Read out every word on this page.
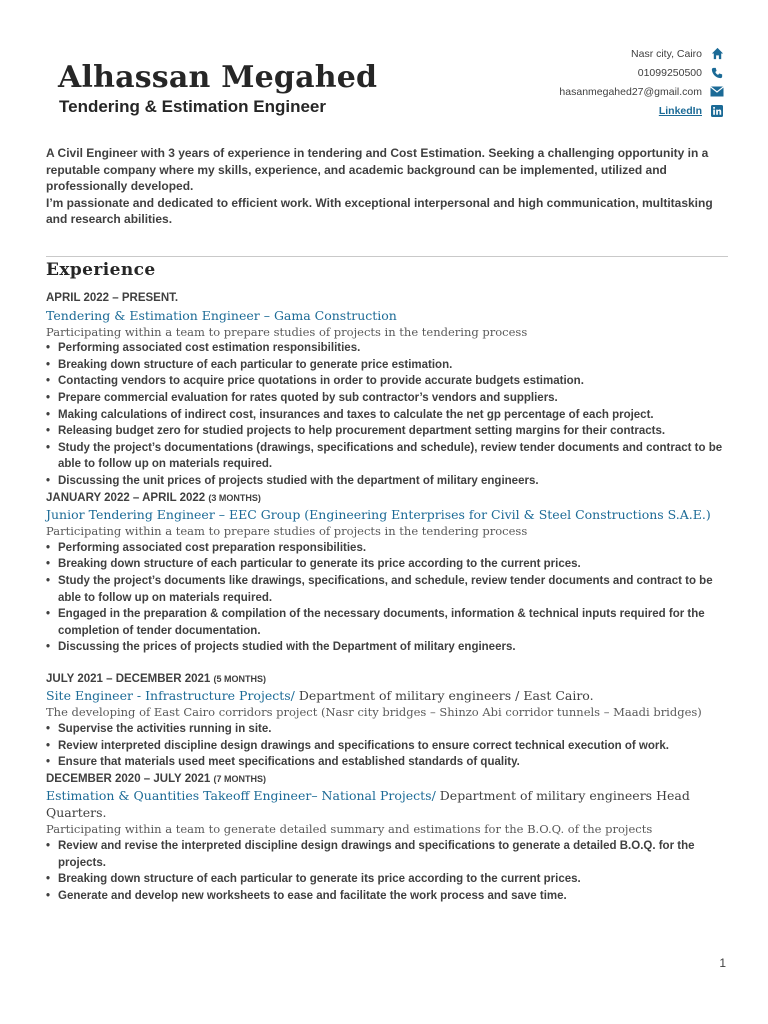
Alhassan Megahed
Tendering & Estimation Engineer
Nasr city, Cairo
01099250500
hasanmegahed27@gmail.com
LinkedIn

A Civil Engineer with 3 years of experience in tendering and Cost Estimation. Seeking a challenging opportunity in a reputable company where my skills, experience, and academic background can be implemented, utilized and professionally developed.

I’m passionate and dedicated to efficient work. With exceptional interpersonal and high communication, multitasking and research abilities.

Experience
APRIL 2022 – PRESENT.
Tendering & Estimation Engineer – Gama Construction
Participating within a team to prepare studies of projects in the tendering process
• Performing associated cost estimation responsibilities.
• Breaking down structure of each particular to generate price estimation.
• Contacting vendors to acquire price quotations in order to provide accurate budgets estimation.
• Prepare commercial evaluation for rates quoted by sub contractor’s vendors and suppliers.
• Making calculations of indirect cost, insurances and taxes to calculate the net gp percentage of each project.
• Releasing budget zero for studied projects to help procurement department setting margins for their contracts.
• Study the project’s documentations (drawings, specifications and schedule), review tender documents and contract to be able to follow up on materials required.
• Discussing the unit prices of projects studied with the department of military engineers.
JANUARY 2022 – APRIL 2022 (3 MONTHS)
Junior Tendering Engineer – EEC Group (Engineering Enterprises for Civil & Steel Constructions S.A.E.)
Participating within a team to prepare studies of projects in the tendering process
• Performing associated cost preparation responsibilities.
• Breaking down structure of each particular to generate its price according to the current prices.
• Study the project’s documents like drawings, specifications, and schedule, review tender documents and contract to be able to follow up on materials required.
• Engaged in the preparation & compilation of the necessary documents, information & technical inputs required for the completion of tender documentation.
• Discussing the prices of projects studied with the Department of military engineers.
JULY 2021 – DECEMBER 2021 (5 MONTHS)
Site Engineer - Infrastructure Projects/ Department of military engineers / East Cairo.
The developing of East Cairo corridors project (Nasr city bridges – Shinzo Abi corridor tunnels – Maadi bridges)
• Supervise the activities running in site.
• Review interpreted discipline design drawings and specifications to ensure correct technical execution of work.
• Ensure that materials used meet specifications and established standards of quality.
DECEMBER 2020 – JULY 2021 (7 MONTHS)
Estimation & Quantities Takeoff Engineer– National Projects/ Department of military engineers Head Quarters.
Participating within a team to generate detailed summary and estimations for the B.O.Q. of the projects
• Review and revise the interpreted discipline design drawings and specifications to generate a detailed B.O.Q. for the projects.
• Breaking down structure of each particular to generate its price according to the current prices.
• Generate and develop new worksheets to ease and facilitate the work process and save time.
1
